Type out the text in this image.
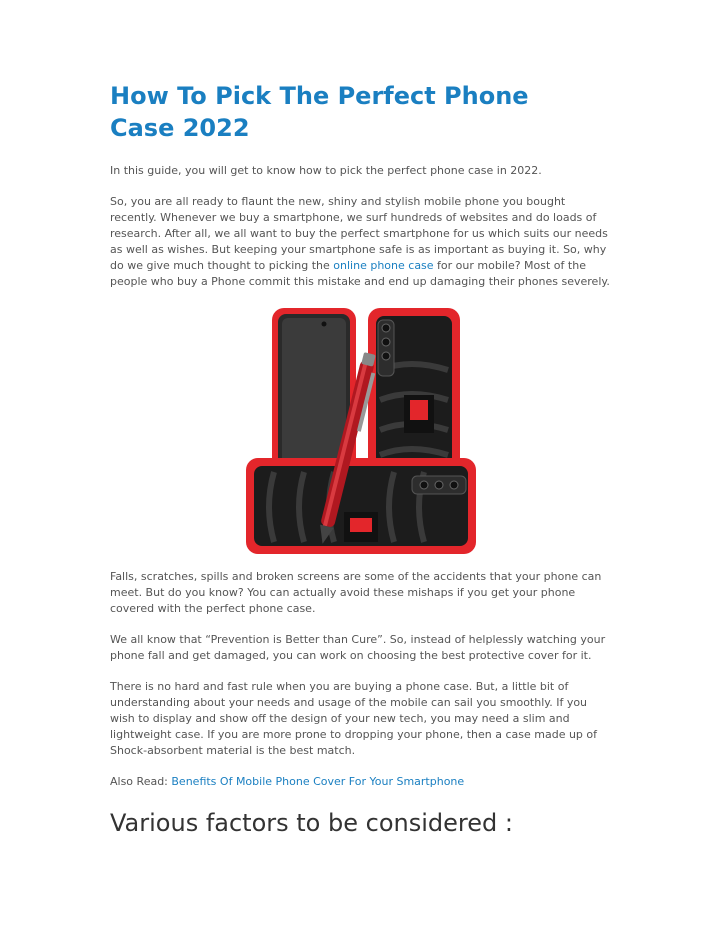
How To Pick The Perfect Phone Case 2022

In this guide, you will get to know how to pick the perfect phone case in 2022.

So, you are all ready to flaunt the new, shiny and stylish mobile phone you bought recently. Whenever we buy a smartphone, we surf hundreds of websites and do loads of research. After all, we all want to buy the perfect smartphone for us which suits our needs as well as wishes. But keeping your smartphone safe is as important as buying it. So, why do we give much thought to picking the online phone case for our mobile? Most of the people who buy a Phone commit this mistake and end up damaging their phones severely.

iCatchy

Falls, scratches, spills and broken screens are some of the accidents that your phone can meet. But do you know? You can actually avoid these mishaps if you get your phone covered with the perfect phone case.

We all know that “Prevention is Better than Cure”. So, instead of helplessly watching your phone fall and get damaged, you can work on choosing the best protective cover for it.

There is no hard and fast rule when you are buying a phone case. But, a little bit of understanding about your needs and usage of the mobile can sail you smoothly. If you wish to display and show off the design of your new tech, you may need a slim and lightweight case. If you are more prone to dropping your phone, then a case made up of Shock-absorbent material is the best match.

Also Read: Benefits Of Mobile Phone Cover For Your Smartphone

Various factors to be considered :
